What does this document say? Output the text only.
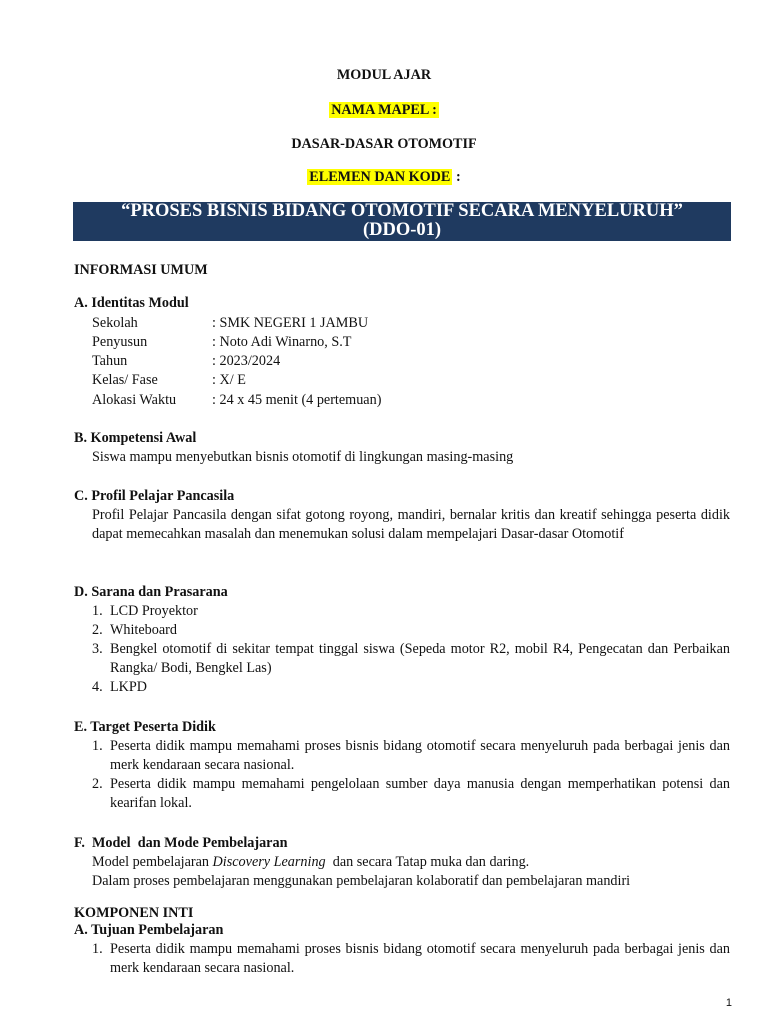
MODUL AJAR
NAMA MAPEL :
DASAR-DASAR OTOMOTIF
ELEMEN DAN KODE :
“PROSES BISNIS BIDANG OTOMOTIF SECARA MENYELURUH”
(DDO-01)
INFORMASI UMUM
A. Identitas Modul
Sekolah	: SMK NEGERI 1 JAMBU
Penyusun	: Noto Adi Winarno, S.T
Tahun	: 2023/2024
Kelas/ Fase	: X/ E
Alokasi Waktu	: 24 x 45 menit (4 pertemuan)
B. Kompetensi Awal
Siswa mampu menyebutkan bisnis otomotif di lingkungan masing-masing
C. Profil Pelajar Pancasila
Profil Pelajar Pancasila dengan sifat gotong royong, mandiri, bernalar kritis dan kreatif sehingga peserta didik dapat memecahkan masalah dan menemukan solusi dalam mempelajari Dasar-dasar Otomotif
D. Sarana dan Prasarana
1. LCD Proyektor
2. Whiteboard
3. Bengkel otomotif di sekitar tempat tinggal siswa (Sepeda motor R2, mobil R4, Pengecatan dan Perbaikan Rangka/ Bodi, Bengkel Las)
4. LKPD
E. Target Peserta Didik
1. Peserta didik mampu memahami proses bisnis bidang otomotif secara menyeluruh pada berbagai jenis dan merk kendaraan secara nasional.
2. Peserta didik mampu memahami pengelolaan sumber daya manusia dengan memperhatikan potensi dan kearifan lokal.
F.  Model  dan Mode Pembelajaran
Model pembelajaran Discovery Learning  dan secara Tatap muka dan daring.
Dalam proses pembelajaran menggunakan pembelajaran kolaboratif dan pembelajaran mandiri
KOMPONEN INTI
A. Tujuan Pembelajaran
1. Peserta didik mampu memahami proses bisnis bidang otomotif secara menyeluruh pada berbagai jenis dan merk kendaraan secara nasional.
1
